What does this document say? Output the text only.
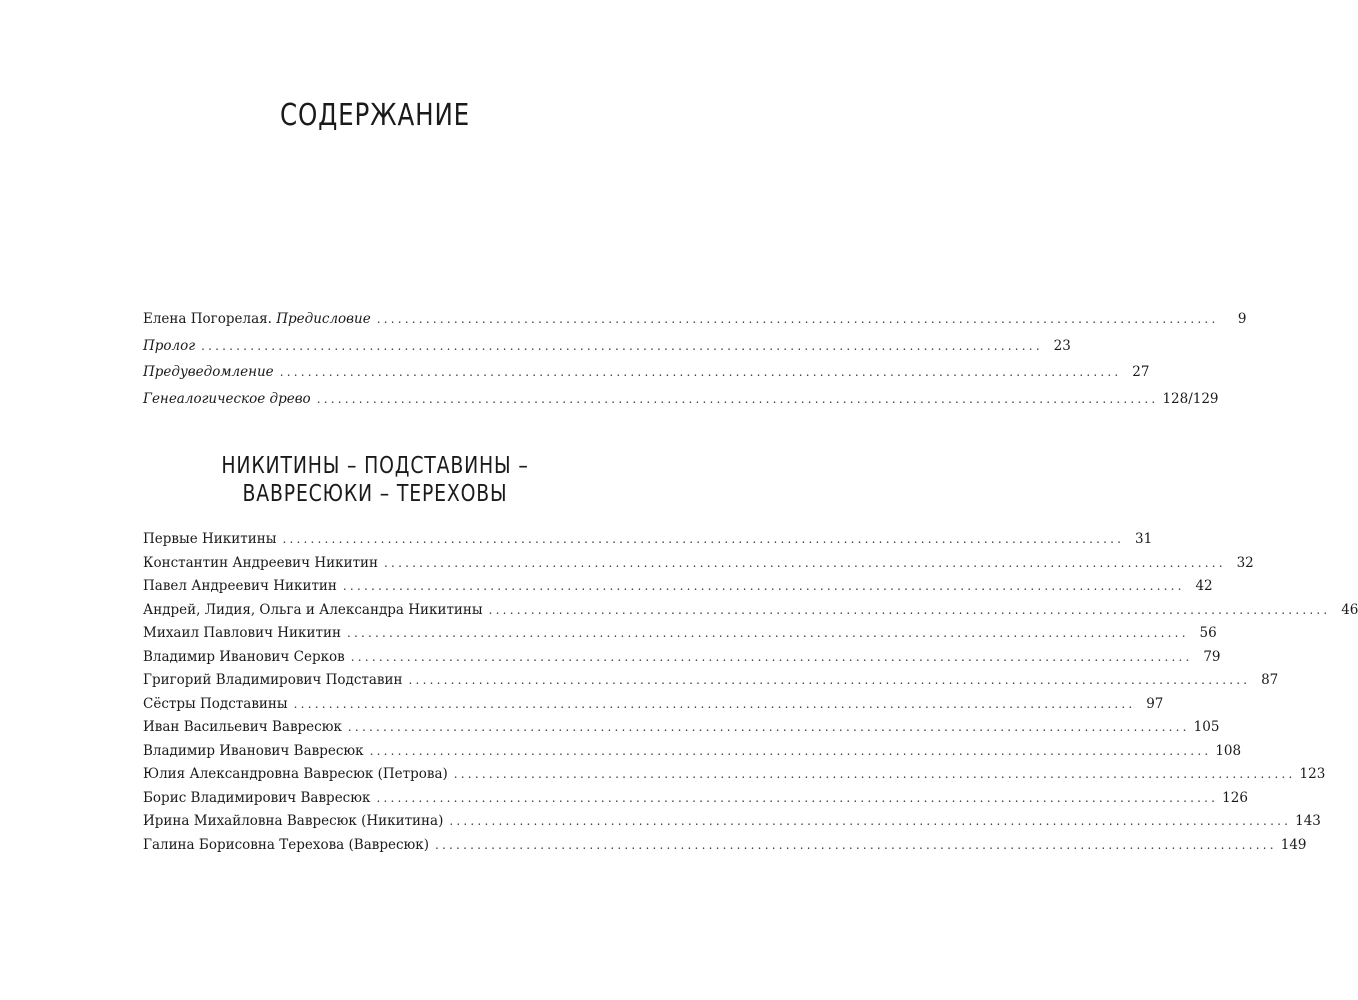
СОДЕРЖАНИЕ
Елена Погорелая. Предисловие ........................................................................................................................	9
Пролог ........................................................................................................................ 23
Предуведомление ........................................................................................................................ 27
Генеалогическое древо ........................................................................................................................ 128/129
НИКИТИНЫ – ПОДСТАВИНЫ –
ВАВРЕСЮКИ – ТЕРЕХОВЫ
Первые Никитины ........................................................................................................................ 31
Константин Андреевич Никитин ........................................................................................................................ 32
Павел Андреевич Никитин ........................................................................................................................ 42
Андрей, Лидия, Ольга и Александра Никитины ........................................................................................................................ 46
Михаил Павлович Никитин ........................................................................................................................ 56
Владимир Иванович Серков ........................................................................................................................ 79
Григорий Владимирович Подставин ........................................................................................................................ 87
Сёстры Подставины ........................................................................................................................ 97
Иван Васильевич Вавресюк ........................................................................................................................ 105
Владимир Иванович Вавресюк ........................................................................................................................ 108
Юлия Александровна Вавресюк (Петрова) ........................................................................................................................ 123
Борис Владимирович Вавресюк ........................................................................................................................ 126
Ирина Михайловна Вавресюк (Никитина) ........................................................................................................................ 143
Галина Борисовна Терехова (Вавресюк) ........................................................................................................................ 149
